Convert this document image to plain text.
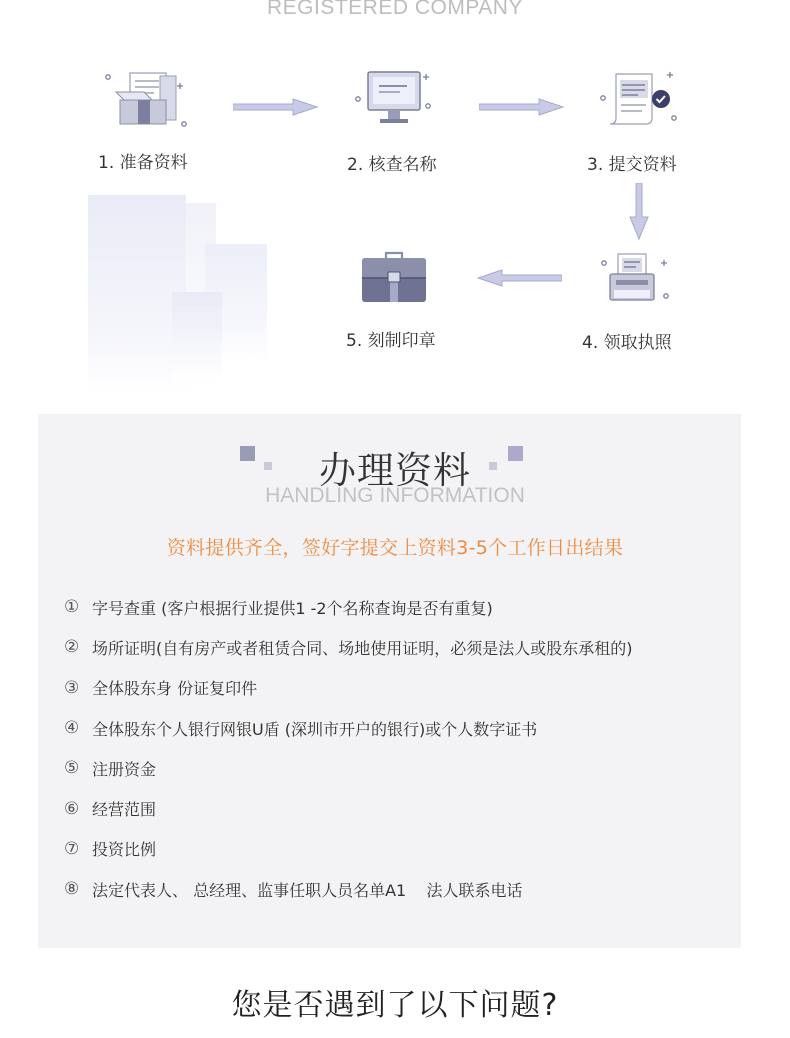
REGISTERED COMPANY
1. 准备资料	2. 核查名称	3. 提交资料
4. 领取执照
5. 刻制印章
办理资料
HANDLING INFORMATION
资料提供齐全，签好字提交上资料3-5个工作日出结果
① 字号查重 (客户根据行业提供1 -2个名称查询是否有重复)
② 场所证明(自有房产或者租赁合同、场地使用证明，必须是法人或股东承租的)
③ 全体股东身 份证复印件
④ 全体股东个人银行网银U盾 (深圳市开户的银行)或个人数字证书
⑤ 注册资金
⑥ 经营范围
⑦ 投资比例
⑧ 法定代表人、 总经理、监事任职人员名单A1    法人联系电话
您是否遇到了以下问题?
